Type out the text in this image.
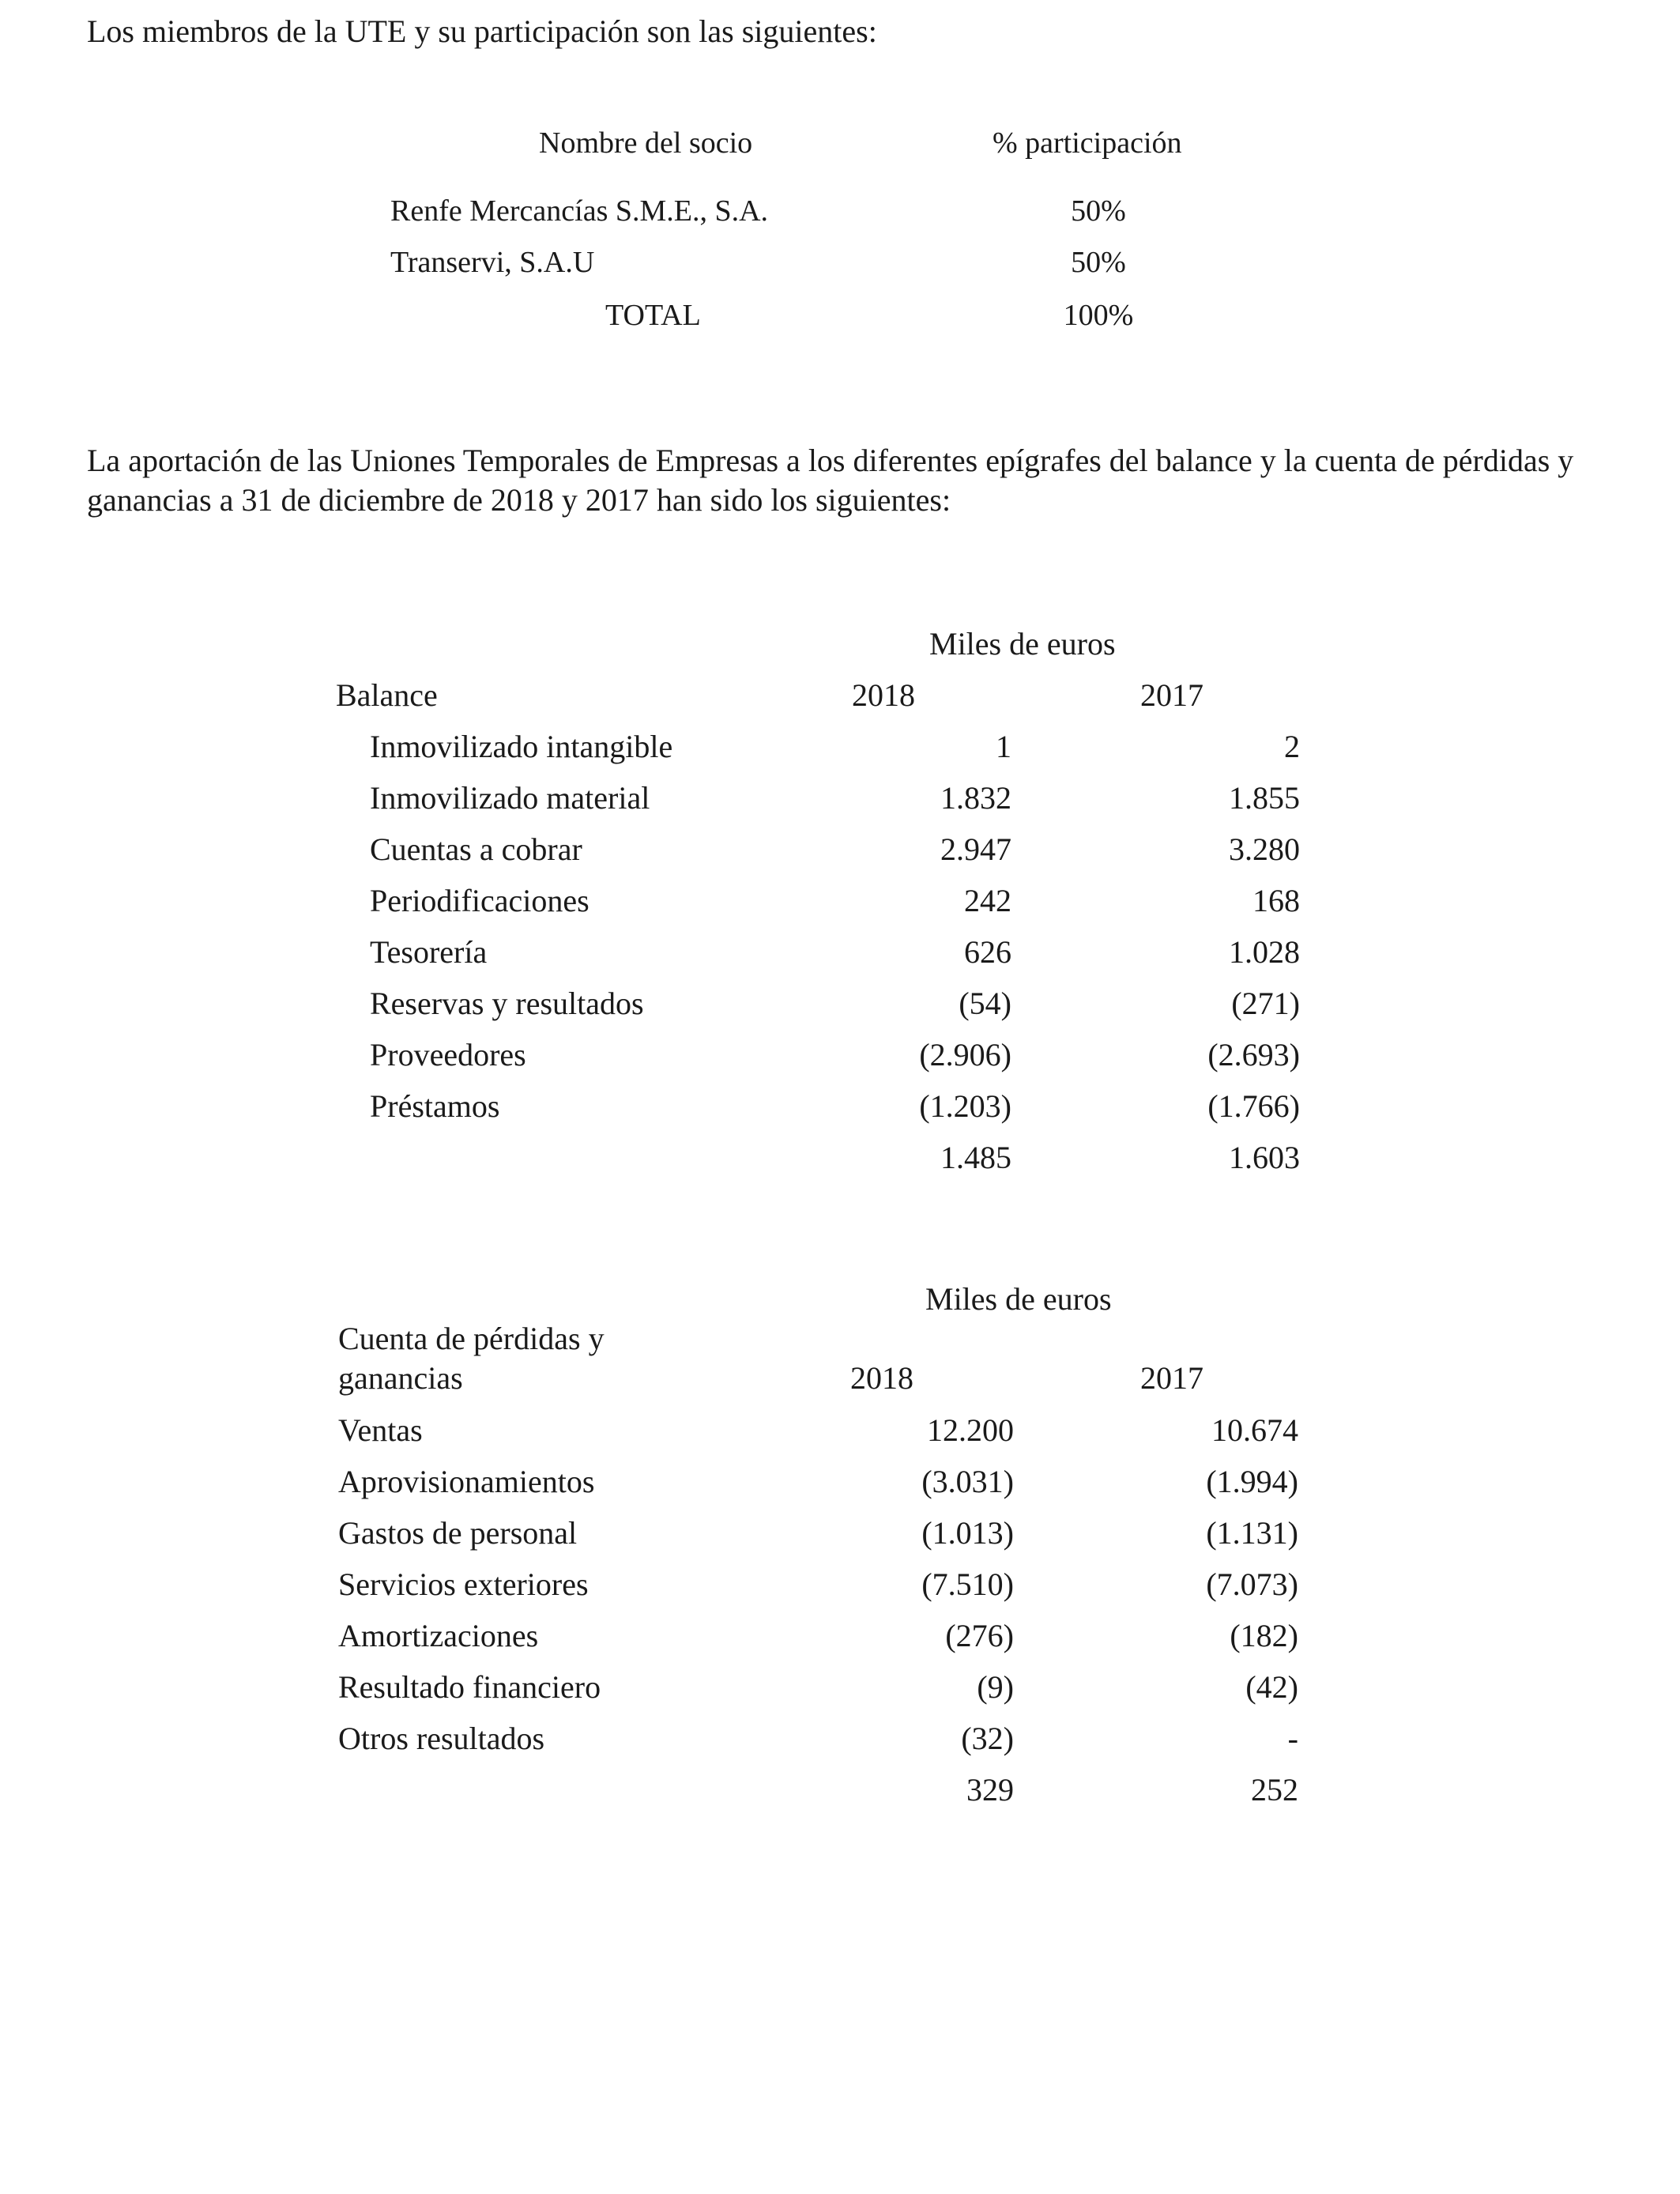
Los miembros de la UTE y su participación son las siguientes:
Nombre del socio	% participación
Renfe Mercancías S.M.E., S.A.	50%
Transervi, S.A.U	50%
TOTAL	100%
La aportación de las Uniones Temporales de Empresas a los diferentes epígrafes del balance y la cuenta de pérdidas y ganancias a 31 de diciembre de 2018 y 2017 han sido los siguientes:
Miles de euros
Balance	2018	2017
Inmovilizado intangible	1	2
Inmovilizado material	1.832	1.855
Cuentas a cobrar	2.947	3.280
Periodificaciones	242	168
Tesorería	626	1.028
Reservas y resultados	(54)	(271)
Proveedores	(2.906)	(2.693)
Préstamos	(1.203)	(1.766)
1.485	1.603
Miles de euros
Cuenta de pérdidas y
ganancias	2018	2017
Ventas	12.200	10.674
Aprovisionamientos	(3.031)	(1.994)
Gastos de personal	(1.013)	(1.131)
Servicios exteriores	(7.510)	(7.073)
Amortizaciones	(276)	(182)
Resultado financiero	(9)	(42)
Otros resultados	(32)	-
329	252
